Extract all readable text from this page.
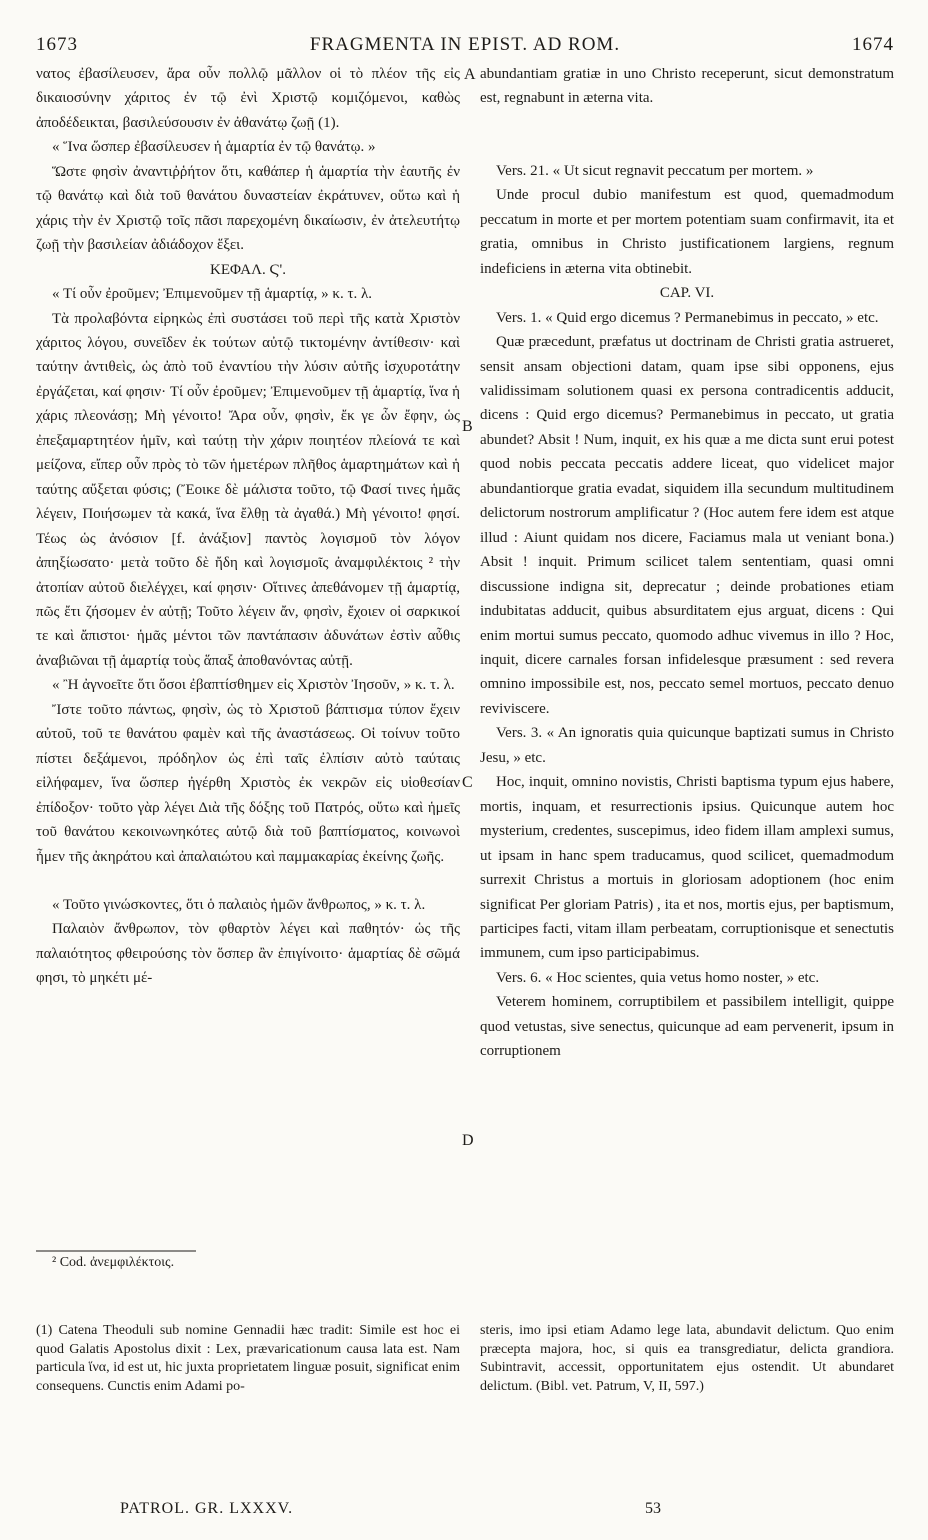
1673	FRAGMENTA IN EPIST. AD ROM.	1674

νατος ἐβασίλευσεν, ἄρα οὖν πολλῷ μᾶλλον οἱ τὸ πλέον τῆς εἰς δικαιοσύνην χάριτος ἐν τῷ ἐνὶ Χριστῷ κομιζόμενοι, καθὼς ἀποδέδεικται, βασιλεύσουσιν ἐν ἀθανάτῳ ζωῇ (1).

« Ἵνα ὥσπερ ἐβασίλευσεν ἡ ἁμαρτία ἐν τῷ θανάτῳ. »

Ὥστε φησὶν ἀναντιῤῥήτον ὅτι, καθάπερ ἡ ἁμαρτία τὴν ἑαυτῆς ἐν τῷ θανάτῳ καὶ διὰ τοῦ θανάτου δυναστείαν ἐκράτυνεν, οὕτω καὶ ἡ χάρις τὴν ἐν Χριστῷ τοῖς πᾶσι παρεχομένη δικαίωσιν, ἐν ἀτελευτήτῳ ζωῇ τὴν βασιλείαν ἀδιάδοχον ἕξει.

ΚΕΦΑΛ. Ϛ'.

« Τί οὖν ἐροῦμεν; Ἐπιμενοῦμεν τῇ ἁμαρτίᾳ, » κ. τ. λ.

Τὰ προλαβόντα εἰρηκὼς ἐπὶ συστάσει τοῦ περὶ τῆς κατὰ Χριστὸν χάριτος λόγου, συνεῖδεν ἐκ τούτων αὐτῷ τικτομένην ἀντίθεσιν· καὶ ταύτην ἀντιθεὶς, ὡς ἀπὸ τοῦ ἐναντίου τὴν λύσιν αὐτῆς ἰσχυροτάτην ἐργάζεται, καί φησιν· Τί οὖν ἐροῦμεν; Ἐπιμενοῦμεν τῇ ἁμαρτίᾳ, ἵνα ἡ χάρις πλεονάσῃ; Μὴ γένοιτο! Ἄρα οὖν, φησὶν, ἔκ γε ὧν ἔφην, ὡς ἐπεξαμαρτητέον ἡμῖν, καὶ ταύτῃ τὴν χάριν ποιητέον πλείονά τε καὶ μείζονα, εἴπερ οὖν πρὸς τὸ τῶν ἡμετέρων πλῆθος ἁμαρτημάτων καὶ ἡ ταύτης αὔξεται φύσις; (Ἔοικε δὲ μάλιστα τοῦτο, τῷ Φασί τινες ἡμᾶς λέγειν, Ποιήσωμεν τὰ κακά, ἵνα ἔλθῃ τὰ ἀγαθά.) Μὴ γένοιτο! φησί. Τέως ὡς ἀνόσιον [f. ἀνάξιον] παντὸς λογισμοῦ τὸν λόγον ἀπηξίωσατο· μετὰ τοῦτο δὲ ἤδη καὶ λογισμοῖς ἀναμφιλέκτοις ² τὴν ἀτοπίαν αὐτοῦ διελέγχει, καί φησιν· Οἵτινες ἀπεθάνομεν τῇ ἁμαρτίᾳ, πῶς ἔτι ζήσομεν ἐν αὐτῇ; Τοῦτο λέγειν ἄν, φησὶν, ἔχοιεν οἱ σαρκικοί τε καὶ ἄπιστοι· ἡμᾶς μέντοι τῶν παντάπασιν ἀδυνάτων ἐστὶν αὖθις ἀναβιῶναι τῇ ἁμαρτίᾳ τοὺς ἅπαξ ἀποθανόντας αὐτῇ.

« Ἢ ἀγνοεῖτε ὅτι ὅσοι ἐβαπτίσθημεν εἰς Χριστὸν Ἰησοῦν, » κ. τ. λ.

Ἴστε τοῦτο πάντως, φησὶν, ὡς τὸ Χριστοῦ βάπτισμα τύπον ἔχειν αὐτοῦ, τοῦ τε θανάτου φαμὲν καὶ τῆς ἀναστάσεως. Οἱ τοίνυν τοῦτο πίστει δεξάμενοι, πρόδηλον ὡς ἐπὶ ταῖς ἐλπίσιν αὐτὸ ταύταις εἰλήφαμεν, ἵνα ὥσπερ ἠγέρθη Χριστὸς ἐκ νεκρῶν εἰς υἱοθεσίαν ἐπίδοξον· τοῦτο γὰρ λέγει Διὰ τῆς δόξης τοῦ Πατρός, οὕτω καὶ ἡμεῖς τοῦ θανάτου κεκοινωνηκότες αὐτῷ διὰ τοῦ βαπτίσματος, κοινωνοὶ ἦμεν τῆς ἀκηράτου καὶ ἀπαλαιώτου καὶ παμμακαρίας ἐκείνης ζωῆς.

« Τοῦτο γινώσκοντες, ὅτι ὁ παλαιὸς ἡμῶν ἄνθρωπος, » κ. τ. λ.

Παλαιὸν ἄνθρωπον, τὸν φθαρτὸν λέγει καὶ παθητόν· ὡς τῆς παλαιότητος φθειρούσης τὸν ὅσπερ ἂν ἐπιγίνοιτο· ἁμαρτίας δὲ σῶμά φησι, τὸ μηκέτι μέ-

abundantiam gratiæ in uno Christo receperunt, sicut demonstratum est, regnabunt in æterna vita.

Vers. 21. « Ut sicut regnavit peccatum per mortem. »

Unde procul dubio manifestum est quod, quemadmodum peccatum in morte et per mortem potentiam suam confirmavit, ita et gratia, omnibus in Christo justificationem largiens, regnum indeficiens in æterna vita obtinebit.

CAP. VI.

Vers. 1. « Quid ergo dicemus ? Permanebimus in peccato, » etc.

Quæ præcedunt, præfatus ut doctrinam de Christi gratia astrueret, sensit ansam objectioni datam, quam ipse sibi opponens, ejus validissimam solutionem quasi ex persona contradicentis adducit, dicens : Quid ergo dicemus? Permanebimus in peccato, ut gratia abundet? Absit ! Num, inquit, ex his quæ a me dicta sunt erui potest quod nobis peccata peccatis addere liceat, quo videlicet major abundantiorque gratia evadat, siquidem illa secundum multitudinem delictorum nostrorum amplificatur ? (Hoc autem fere idem est atque illud : Aiunt quidam nos dicere, Faciamus mala ut veniant bona.) Absit ! inquit. Primum scilicet talem sententiam, quasi omni discussione indigna sit, deprecatur ; deinde probationes etiam indubitatas adducit, quibus absurditatem ejus arguat, dicens : Qui enim mortui sumus peccato, quomodo adhuc vivemus in illo ? Hoc, inquit, dicere carnales forsan infidelesque præsument : sed revera omnino impossibile est, nos, peccato semel mortuos, peccato denuo reviviscere.

Vers. 3. « An ignoratis quia quicunque baptizati sumus in Christo Jesu, » etc.

Hoc, inquit, omnino novistis, Christi baptisma typum ejus habere, mortis, inquam, et resurrectionis ipsius. Quicunque autem hoc mysterium, credentes, suscepimus, ideo fidem illam amplexi sumus, ut ipsam in hanc spem traducamus, quod scilicet, quemadmodum surrexit Christus a mortuis in gloriosam adoptionem (hoc enim significat Per gloriam Patris) , ita et nos, mortis ejus, per baptismum, participes facti, vitam illam perbeatam, corruptionisque et senectutis immunem, cum ipso participabimus.

Vers. 6. « Hoc scientes, quia vetus homo noster, » etc.

Veterem hominem, corruptibilem et passibilem intelligit, quippe quod vetustas, sive senectus, quicunque ad eam pervenerit, ipsum in corruptionem

A
B
C
D
² Cod. ἀνεμφιλέκτοις.

(1) Catena Theoduli sub nomine Gennadii hæc tradit: Simile est hoc ei quod Galatis Apostolus dixit : Lex, prævaricationum causa lata est. Nam particula ἵνα, id est ut, hic juxta proprietatem linguæ posuit, significat enim consequens. Cunctis enim Adami po-

steris, imo ipsi etiam Adamo lege lata, abundavit delictum. Quo enim præcepta majora, hoc, si quis ea transgrediatur, delicta grandiora. Subintravit, accessit, opportunitatem ejus ostendit. Ut abundaret delictum. (Bibl. vet. Patrum, V, II, 597.)

PATROL. GR. LXXXV.	53
